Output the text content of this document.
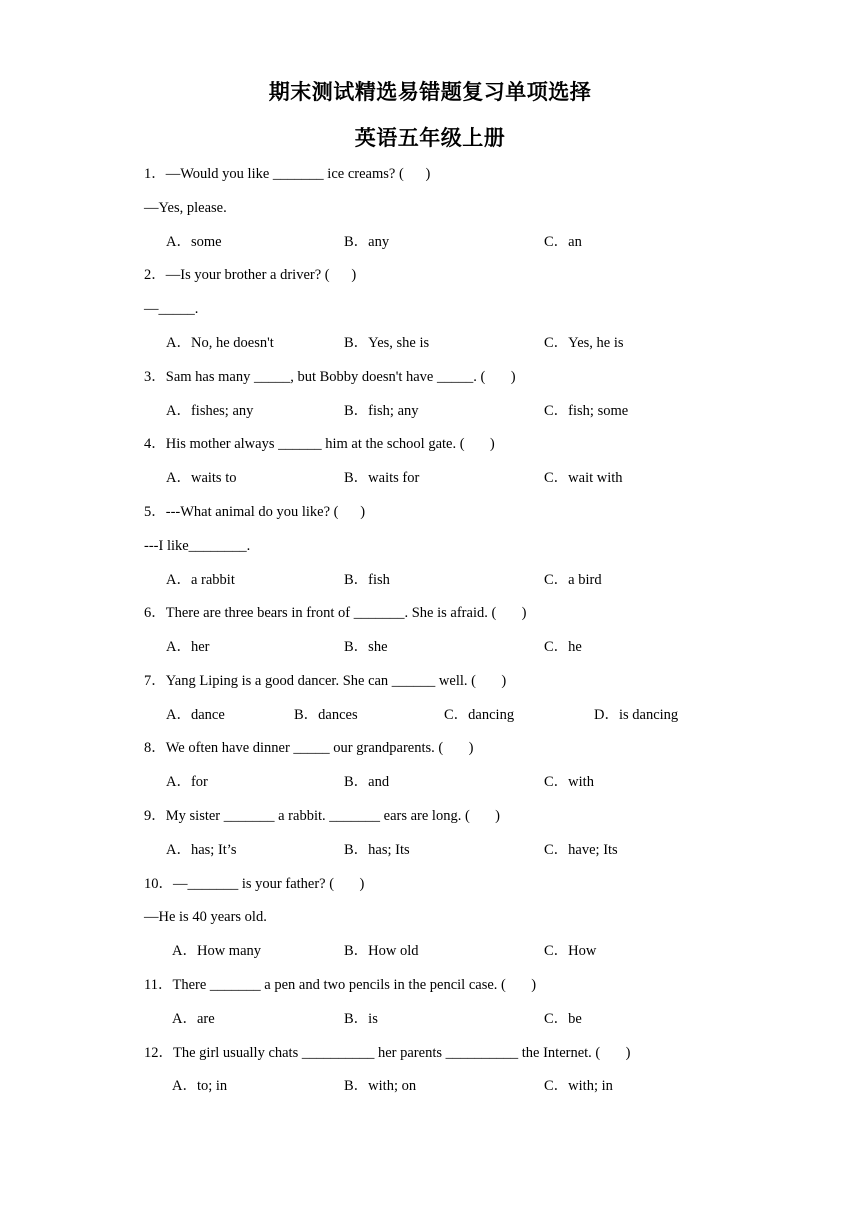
期末测试精选易错题复习单项选择
英语五年级上册
1．—Would you like _______ ice creams? (      )
—Yes, please.
A．some	B．any	C．an
2．—Is your brother a driver? (      )
—_____.
A．No, he doesn't	B．Yes, she is	C．Yes, he is
3．Sam has many _____, but Bobby doesn't have _____. (       )
A．fishes; any	B．fish; any	C．fish; some
4．His mother always ______ him at the school gate. (       )
A．waits to	B．waits for	C．wait with
5．---What animal do you like? (      )
---I like________.
A．a rabbit	B．fish	C．a bird
6．There are three bears in front of _______. She is afraid. (       )
A．her	B．she	C．he
7．Yang Liping is a good dancer. She can ______ well. (       )
A．dance	B．dances	C．dancing	D．is dancing
8．We often have dinner _____ our grandparents. (       )
A．for	B．and	C．with
9．My sister _______ a rabbit. _______ ears are long. (       )
A．has; It’s	B．has; Its	C．have; Its
10．—_______ is your father? (       )
—He is 40 years old.
A．How many	B．How old	C．How
11．There _______ a pen and two pencils in the pencil case. (       )
A．are	B．is	C．be
12．The girl usually chats __________ her parents __________ the Internet. (       )
A．to; in	B．with; on	C．with; in
